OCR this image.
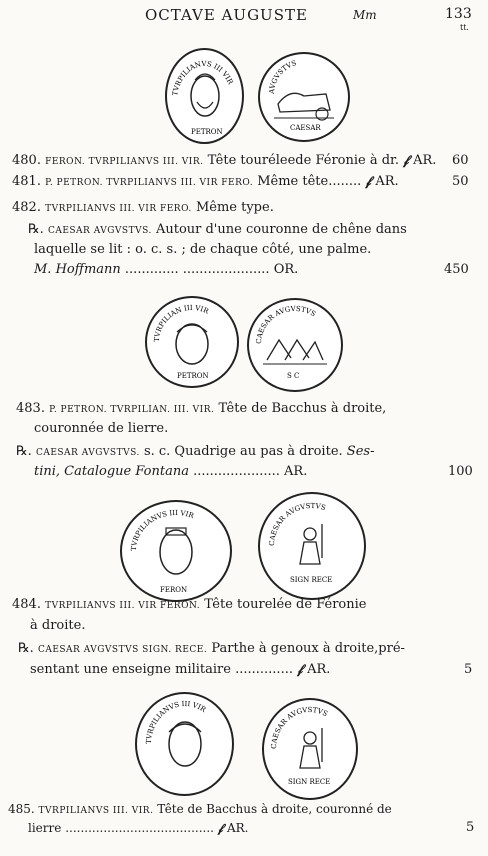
OCTAVE AUGUSTE	Mm	133
tt.
TVRPILIANVS III VIR
PETRON
AVGVSTVS
CAESAR
480. FERON. TVRPILIANVS III. VIR. Tête touréleede Féronie à dr. 𝒻 AR. 60
481. P. PETRON. TVRPILIANVS III. VIR FERO. Même tête........ 𝒻 AR.	50
482. TVRPILIANVS III. VIR FERO. Même type.
℞. CAESAR AVGVSTVS. Autour d'une couronne de chêne dans
laquelle se lit : o. c. s. ; de chaque côté, une palme.
M. Hoffmann ............. ..................... OR.	450
TVRPILIAN III VIR
PETRON
CAESAR AVGVSTVS
S C
483. P. PETRON. TVRPILIAN. III. VIR. Tête de Bacchus à droite,
couronnée de lierre.
℞. CAESAR AVGVSTVS. s. c. Quadrige au pas à droite. Ses-
tini, Catalogue Fontana ..................... AR.	100
TVRPILIANVS III VIR
FERON
CAESAR AVGVSTVS
SIGN RECE
484. TVRPILIANVS III. VIR FERON. Tête tourelée de Féronie
à droite.
℞. CAESAR AVGVSTVS SIGN. RECE. Parthe à genoux à droite,pré-
sentant une enseigne militaire .............. 𝒻 AR.	5
TVRPILIANVS III VIR
CAESAR AVGVSTVS
SIGN RECE
485. TVRPILIANVS III. VIR. Tête de Bacchus à droite, couronné de
lierre ....................................... 𝒻 AR.	5
